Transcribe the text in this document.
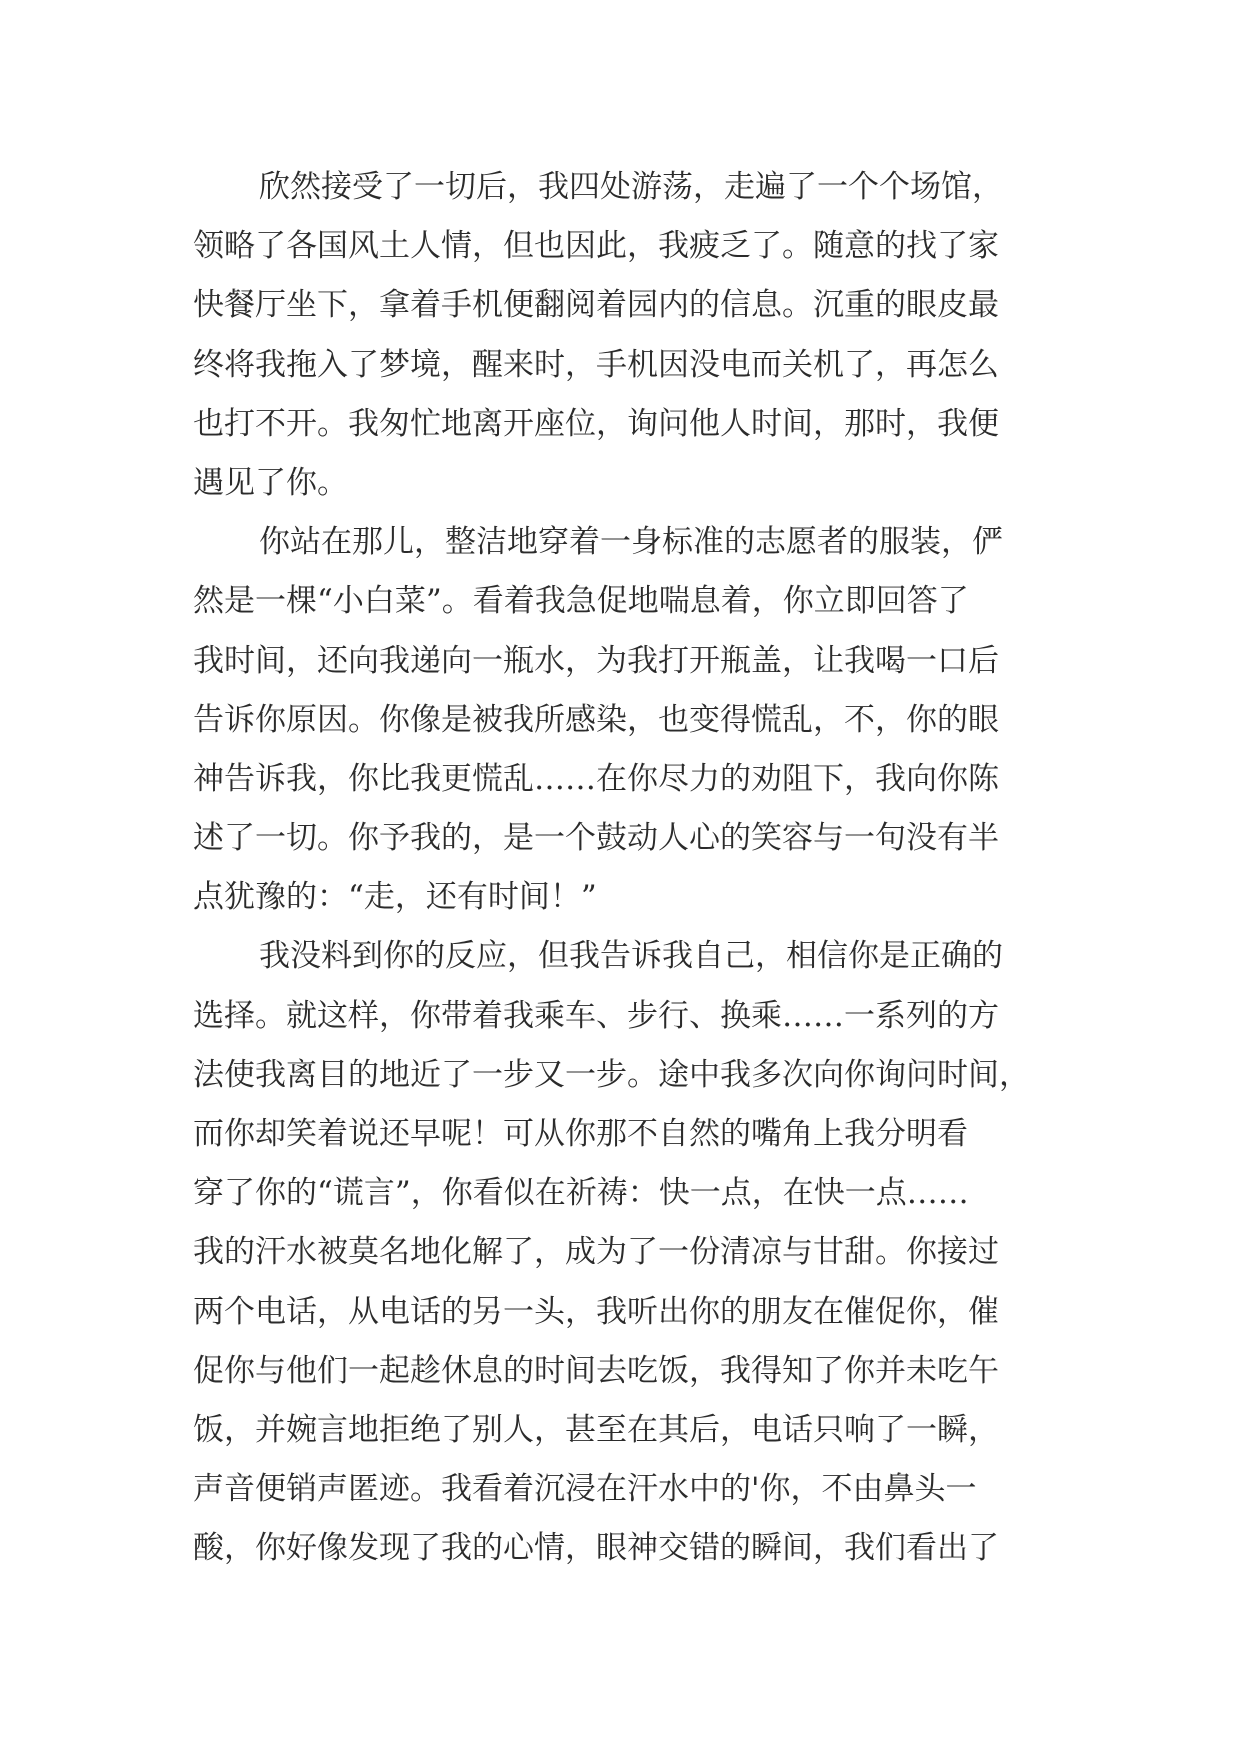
欣然接受了一切后，我四处游荡，走遍了一个个场馆，
领略了各国风土人情，但也因此，我疲乏了。随意的找了家
快餐厅坐下，拿着手机便翻阅着园内的信息。沉重的眼皮最
终将我拖入了梦境，醒来时，手机因没电而关机了，再怎么
也打不开。我匆忙地离开座位，询问他人时间，那时，我便
遇见了你。
你站在那儿，整洁地穿着一身标准的志愿者的服装，俨
然是一棵“小白菜”。看着我急促地喘息着，你立即回答了
我时间，还向我递向一瓶水，为我打开瓶盖，让我喝一口后
告诉你原因。你像是被我所感染，也变得慌乱，不，你的眼
神告诉我，你比我更慌乱……在你尽力的劝阻下，我向你陈
述了一切。你予我的，是一个鼓动人心的笑容与一句没有半
点犹豫的：“走，还有时间！”
我没料到你的反应，但我告诉我自己，相信你是正确的
选择。就这样，你带着我乘车、步行、换乘……一系列的方
法使我离目的地近了一步又一步。途中我多次向你询问时间，
而你却笑着说还早呢！可从你那不自然的嘴角上我分明看
穿了你的“谎言”，你看似在祈祷：快一点，在快一点……
我的汗水被莫名地化解了，成为了一份清凉与甘甜。你接过
两个电话，从电话的另一头，我听出你的朋友在催促你，催
促你与他们一起趁休息的时间去吃饭，我得知了你并未吃午
饭，并婉言地拒绝了别人，甚至在其后，电话只响了一瞬，
声音便销声匿迹。我看着沉浸在汗水中的'你，不由鼻头一
酸，你好像发现了我的心情，眼神交错的瞬间，我们看出了
